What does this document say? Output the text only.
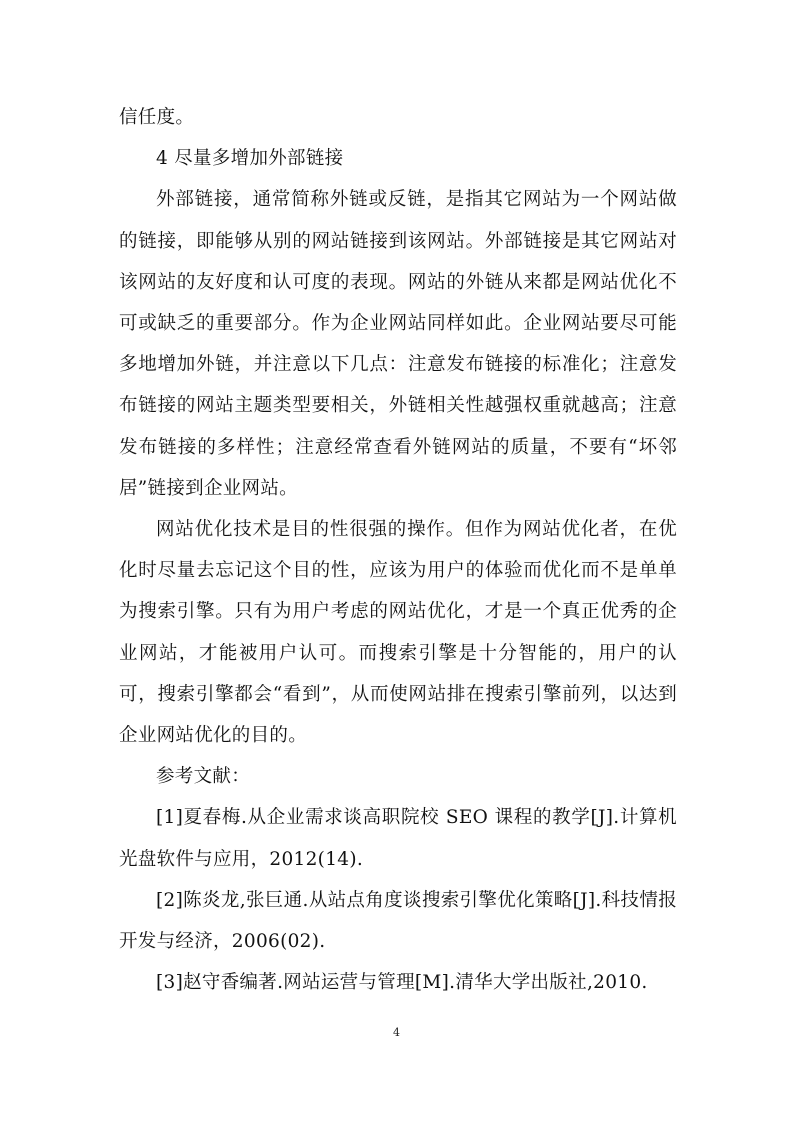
信任度。

4 尽量多增加外部链接

外部链接，通常简称外链或反链，是指其它网站为一个网站做的链接，即能够从别的网站链接到该网站。外部链接是其它网站对该网站的友好度和认可度的表现。网站的外链从来都是网站优化不可或缺乏的重要部分。作为企业网站同样如此。企业网站要尽可能多地增加外链，并注意以下几点：注意发布链接的标准化；注意发布链接的网站主题类型要相关，外链相关性越强权重就越高；注意发布链接的多样性；注意经常查看外链网站的质量，不要有“坏邻居”链接到企业网站。

网站优化技术是目的性很强的操作。但作为网站优化者，在优化时尽量去忘记这个目的性，应该为用户的体验而优化而不是单单为搜索引擎。只有为用户考虑的网站优化，才是一个真正优秀的企业网站，才能被用户认可。而搜索引擎是十分智能的，用户的认可，搜索引擎都会“看到”，从而使网站排在搜索引擎前列，以达到企业网站优化的目的。

参考文献：

[1]夏春梅.从企业需求谈高职院校 SEO 课程的教学[J].计算机光盘软件与应用，2012(14).

[2]陈炎龙,张巨通.从站点角度谈搜索引擎优化策略[J].科技情报开发与经济，2006(02).

[3]赵守香编著.网站运营与管理[M].清华大学出版社,2010.

4
